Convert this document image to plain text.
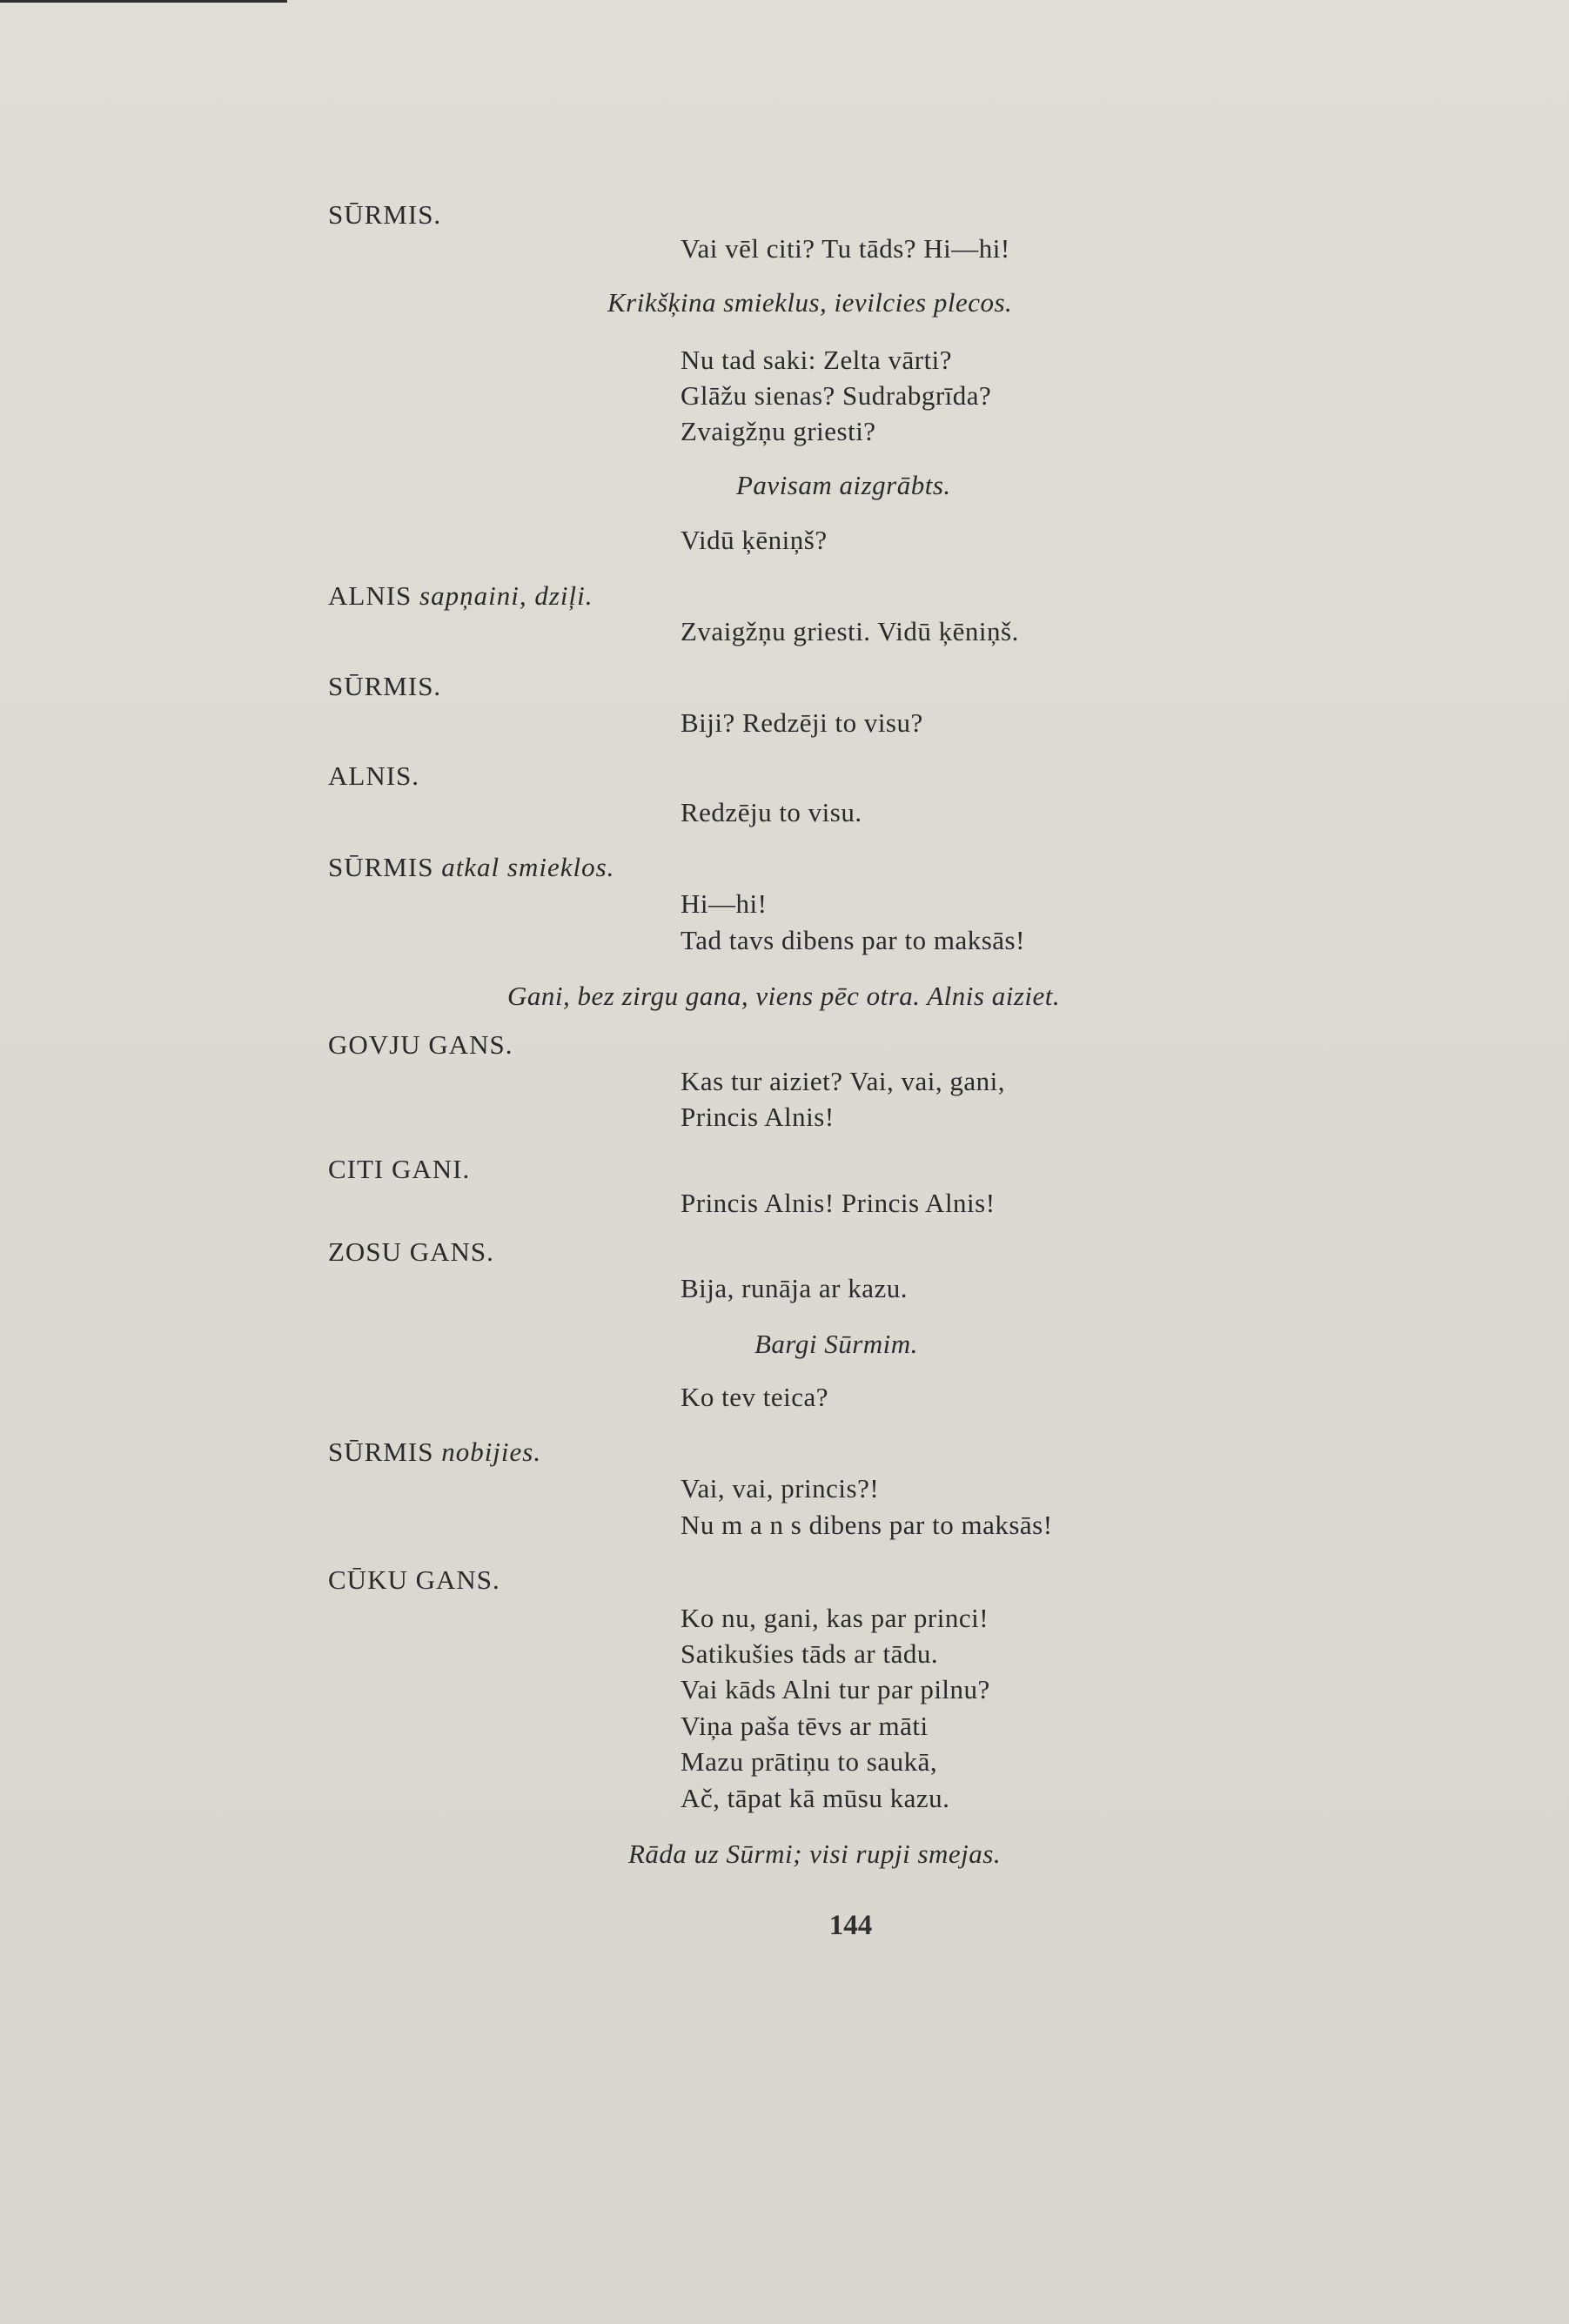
SŪRMIS.
Vai vēl citi? Tu tāds? Hi—hi!
Krikšķina smieklus, ievilcies plecos.
Nu tad saki: Zelta vārti?
Glāžu sienas? Sudrabgrīda?
Zvaigžņu griesti?
Pavisam aizgrābts.
Vidū ķēniņš?
ALNIS sapņaini, dziļi.
Zvaigžņu griesti. Vidū ķēniņš.
SŪRMIS.
Biji? Redzēji to visu?
ALNIS.
Redzēju to visu.
SŪRMIS atkal smieklos.
Hi—hi!
Tad tavs dibens par to maksās!
Gani, bez zirgu gana, viens pēc otra. Alnis aiziet.
GOVJU GANS.
Kas tur aiziet? Vai, vai, gani,
Princis Alnis!
CITI GANI.
Princis Alnis! Princis Alnis!
ZOSU GANS.
Bija, runāja ar kazu.
Bargi Sūrmim.
Ko tev teica?
SŪRMIS nobijies.
Vai, vai, princis?!
Nu m a n s dibens par to maksās!
CŪKU GANS.
Ko nu, gani, kas par princi!
Satikušies tāds ar tādu.
Vai kāds Alni tur par pilnu?
Viņa paša tēvs ar māti
Mazu prātiņu to saukā,
Ač, tāpat kā mūsu kazu.
Rāda uz Sūrmi; visi rupji smejas.
144
